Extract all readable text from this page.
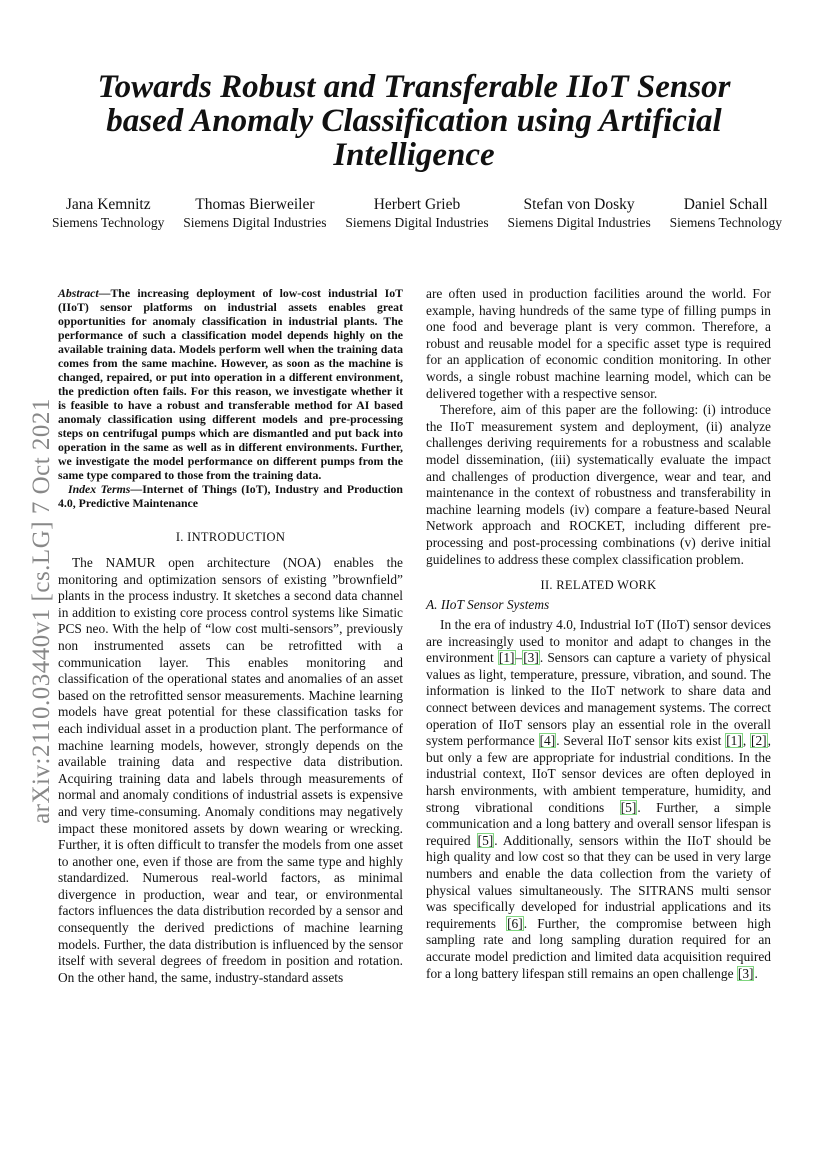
arXiv:2110.03440v1 [cs.LG] 7 Oct 2021
Towards Robust and Transferable IIoT Sensor based Anomaly Classification using Artificial Intelligence
Jana Kemnitz
Siemens Technology
Thomas Bierweiler
Siemens Digital Industries
Herbert Grieb
Siemens Digital Industries
Stefan von Dosky
Siemens Digital Industries
Daniel Schall
Siemens Technology

Abstract—The increasing deployment of low-cost industrial IoT (IIoT) sensor platforms on industrial assets enables great opportunities for anomaly classification in industrial plants. The performance of such a classification model depends highly on the available training data. Models perform well when the training data comes from the same machine. However, as soon as the machine is changed, repaired, or put into operation in a different environment, the prediction often fails. For this reason, we investigate whether it is feasible to have a robust and transferable method for AI based anomaly classification using different models and pre-processing steps on centrifugal pumps which are dismantled and put back into operation in the same as well as in different environments. Further, we investigate the model performance on different pumps from the same type compared to those from the training data.

Index Terms—Internet of Things (IoT), Industry and Production 4.0, Predictive Maintenance

I. INTRODUCTION

The NAMUR open architecture (NOA) enables the monitoring and optimization sensors of existing ”brownfield” plants in the process industry. It sketches a second data channel in addition to existing core process control systems like Simatic PCS neo. With the help of “low cost multi-sensors”, previously non instrumented assets can be retrofitted with a communication layer. This enables monitoring and classification of the operational states and anomalies of an asset based on the retrofitted sensor measurements. Machine learning models have great potential for these classification tasks for each individual asset in a production plant. The performance of machine learning models, however, strongly depends on the available training data and respective data distribution. Acquiring training data and labels through measurements of normal and anomaly conditions of industrial assets is expensive and very time-consuming. Anomaly conditions may negatively impact these monitored assets by down wearing or wrecking. Further, it is often difficult to transfer the models from one asset to another one, even if those are from the same type and highly standardized. Numerous real-world factors, as minimal divergence in production, wear and tear, or environmental factors influences the data distribution recorded by a sensor and consequently the derived predictions of machine learning models. Further, the data distribution is influenced by the sensor itself with several degrees of freedom in position and rotation. On the other hand, the same, industry-standard assets

are often used in production facilities around the world. For example, having hundreds of the same type of filling pumps in one food and beverage plant is very common. Therefore, a robust and reusable model for a specific asset type is required for an application of economic condition monitoring. In other words, a single robust machine learning model, which can be delivered together with a respective sensor.

Therefore, aim of this paper are the following: (i) introduce the IIoT measurement system and deployment, (ii) analyze challenges deriving requirements for a robustness and scalable model dissemination, (iii) systematically evaluate the impact and challenges of production divergence, wear and tear, and maintenance in the context of robustness and transferability in machine learning models (iv) compare a feature-based Neural Network approach and ROCKET, including different pre-processing and post-processing combinations (v) derive initial guidelines to address these complex classification problem.

II. RELATED WORK
A. IIoT Sensor Systems

In the era of industry 4.0, Industrial IoT (IIoT) sensor devices are increasingly used to monitor and adapt to changes in the environment [1]–[3]. Sensors can capture a variety of physical values as light, temperature, pressure, vibration, and sound. The information is linked to the IIoT network to share data and connect between devices and management systems. The correct operation of IIoT sensors play an essential role in the overall system performance [4]. Several IIoT sensor kits exist [1], [2], but only a few are appropriate for industrial conditions. In the industrial context, IIoT sensor devices are often deployed in harsh environments, with ambient temperature, humidity, and strong vibrational conditions [5]. Further, a simple communication and a long battery and overall sensor lifespan is required [5]. Additionally, sensors within the IIoT should be high quality and low cost so that they can be used in very large numbers and enable the data collection from the variety of physical values simultaneously. The SITRANS multi sensor was specifically developed for industrial applications and its requirements [6]. Further, the compromise between high sampling rate and long sampling duration required for an accurate model prediction and limited data acquisition required for a long battery lifespan still remains an open challenge [3].
